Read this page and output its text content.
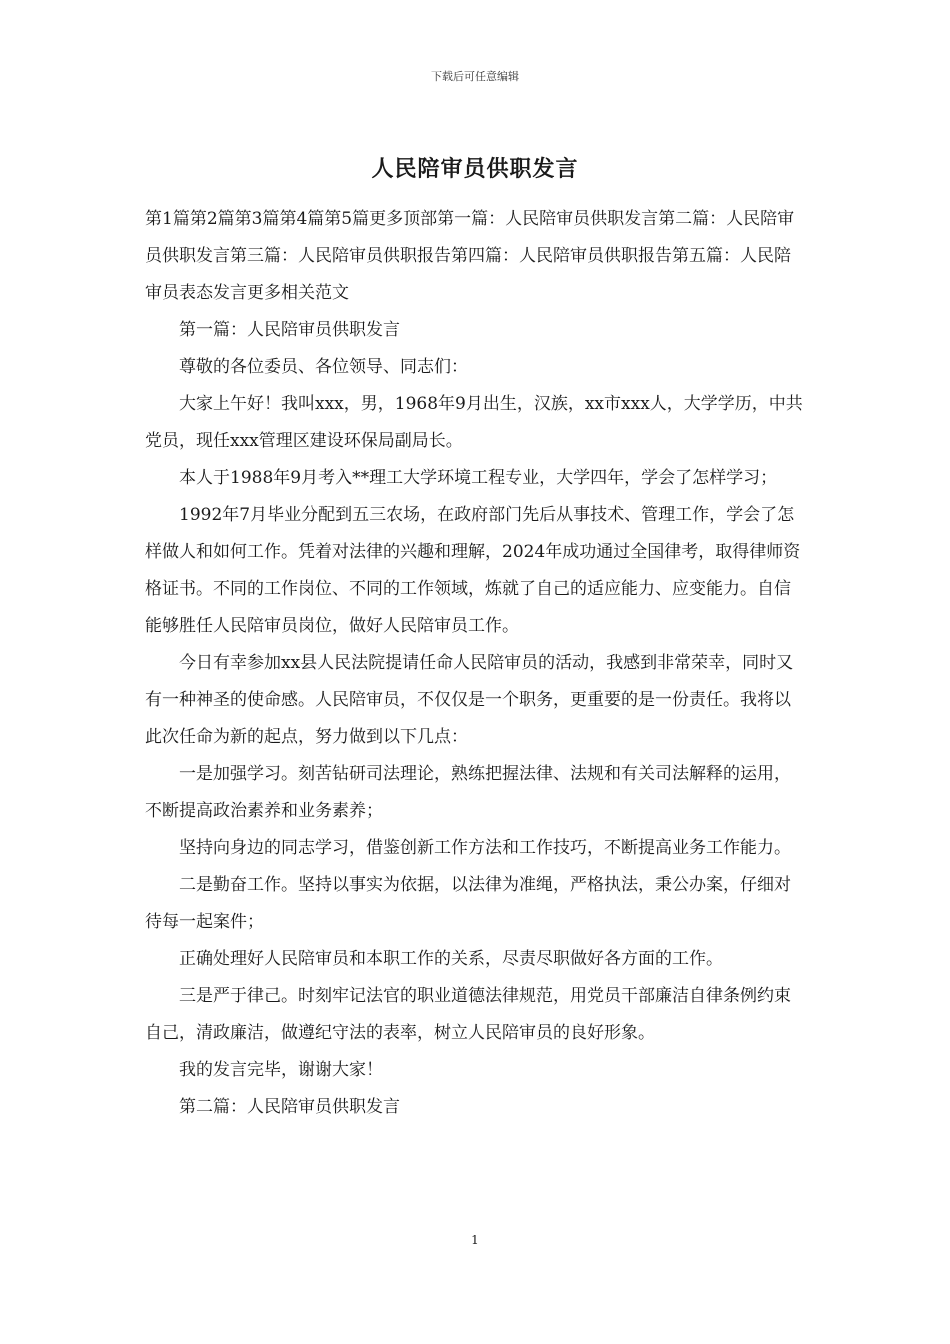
下载后可任意编辑
人民陪审员供职发言

第1篇第2篇第3篇第4篇第5篇更多顶部第一篇：人民陪审员供职发言第二篇：人民陪审员供职发言第三篇：人民陪审员供职报告第四篇：人民陪审员供职报告第五篇：人民陪审员表态发言更多相关范文

第一篇：人民陪审员供职发言

尊敬的各位委员、各位领导、同志们：

大家上午好！我叫xxx，男，1968年9月出生，汉族，xx市xxx人，大学学历，中共党员，现任xxx管理区建设环保局副局长。

本人于1988年9月考入**理工大学环境工程专业，大学四年，学会了怎样学习；

1992年7月毕业分配到五三农场，在政府部门先后从事技术、管理工作，学会了怎样做人和如何工作。凭着对法律的兴趣和理解，2024年成功通过全国律考，取得律师资格证书。不同的工作岗位、不同的工作领域，炼就了自己的适应能力、应变能力。自信能够胜任人民陪审员岗位，做好人民陪审员工作。

今日有幸参加xx县人民法院提请任命人民陪审员的活动，我感到非常荣幸，同时又有一种神圣的使命感。人民陪审员，不仅仅是一个职务，更重要的是一份责任。我将以此次任命为新的起点，努力做到以下几点：

一是加强学习。刻苦钻研司法理论，熟练把握法律、法规和有关司法解释的运用，不断提高政治素养和业务素养；

坚持向身边的同志学习，借鉴创新工作方法和工作技巧，不断提高业务工作能力。

二是勤奋工作。坚持以事实为依据，以法律为准绳，严格执法，秉公办案，仔细对待每一起案件；

正确处理好人民陪审员和本职工作的关系，尽责尽职做好各方面的工作。

三是严于律己。时刻牢记法官的职业道德法律规范，用党员干部廉洁自律条例约束自己，清政廉洁，做遵纪守法的表率，树立人民陪审员的良好形象。

我的发言完毕，谢谢大家！

第二篇：人民陪审员供职发言

1
